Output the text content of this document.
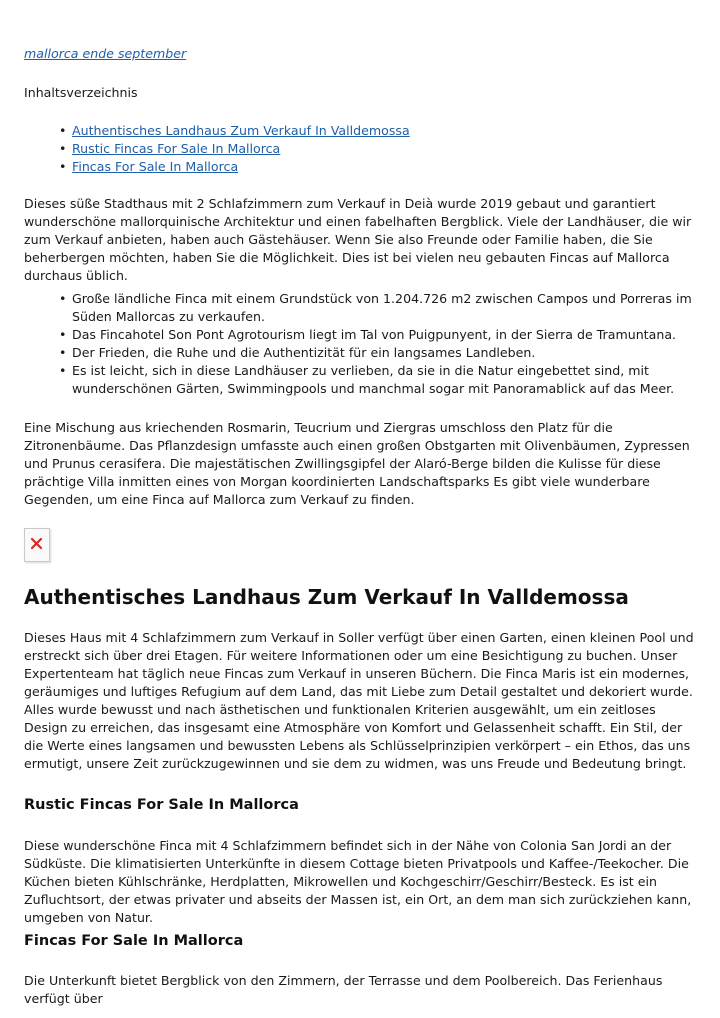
mallorca ende september
Inhaltsverzeichnis
• Authentisches Landhaus Zum Verkauf In Valldemossa
• Rustic Fincas For Sale In Mallorca
• Fincas For Sale In Mallorca

Dieses süße Stadthaus mit 2 Schlafzimmern zum Verkauf in Deià wurde 2019 gebaut und garantiert wunderschöne mallorquinische Architektur und einen fabelhaften Bergblick. Viele der Landhäuser, die wir zum Verkauf anbieten, haben auch Gästehäuser. Wenn Sie also Freunde oder Familie haben, die Sie beherbergen möchten, haben Sie die Möglichkeit. Dies ist bei vielen neu gebauten Fincas auf Mallorca durchaus üblich.

• Große ländliche Finca mit einem Grundstück von 1.204.726 m2 zwischen Campos und Porreras im Süden Mallorcas zu verkaufen.
• Das Fincahotel Son Pont Agrotourism liegt im Tal von Puigpunyent, in der Sierra de Tramuntana.
• Der Frieden, die Ruhe und die Authentizität für ein langsames Landleben.
• Es ist leicht, sich in diese Landhäuser zu verlieben, da sie in die Natur eingebettet sind, mit wunderschönen Gärten, Swimmingpools und manchmal sogar mit Panoramablick auf das Meer.

Eine Mischung aus kriechenden Rosmarin, Teucrium und Ziergras umschloss den Platz für die Zitronenbäume. Das Pflanzdesign umfasste auch einen großen Obstgarten mit Olivenbäumen, Zypressen und Prunus cerasifera. Die majestätischen Zwillingsgipfel der Alaró-Berge bilden die Kulisse für diese prächtige Villa inmitten eines von Morgan koordinierten Landschaftsparks Es gibt viele wunderbare Gegenden, um eine Finca auf Mallorca zum Verkauf zu finden.

Authentisches Landhaus Zum Verkauf In Valldemossa

Dieses Haus mit 4 Schlafzimmern zum Verkauf in Soller verfügt über einen Garten, einen kleinen Pool und erstreckt sich über drei Etagen. Für weitere Informationen oder um eine Besichtigung zu buchen. Unser Expertenteam hat täglich neue Fincas zum Verkauf in unseren Büchern. Die Finca Maris ist ein modernes, geräumiges und luftiges Refugium auf dem Land, das mit Liebe zum Detail gestaltet und dekoriert wurde. Alles wurde bewusst und nach ästhetischen und funktionalen Kriterien ausgewählt, um ein zeitloses Design zu erreichen, das insgesamt eine Atmosphäre von Komfort und Gelassenheit schafft. Ein Stil, der die Werte eines langsamen und bewussten Lebens als Schlüsselprinzipien verkörpert – ein Ethos, das uns ermutigt, unsere Zeit zurückzugewinnen und sie dem zu widmen, was uns Freude und Bedeutung bringt.

Rustic Fincas For Sale In Mallorca

Diese wunderschöne Finca mit 4 Schlafzimmern befindet sich in der Nähe von Colonia San Jordi an der Südküste. Die klimatisierten Unterkünfte in diesem Cottage bieten Privatpools und Kaffee-/Teekocher. Die Küchen bieten Kühlschränke, Herdplatten, Mikrowellen und Kochgeschirr/Geschirr/Besteck. Es ist ein Zufluchtsort, der etwas privater und abseits der Massen ist, ein Ort, an dem man sich zurückziehen kann, umgeben von Natur.

Fincas For Sale In Mallorca

Die Unterkunft bietet Bergblick von den Zimmern, der Terrasse und dem Poolbereich. Das Ferienhaus verfügt über
